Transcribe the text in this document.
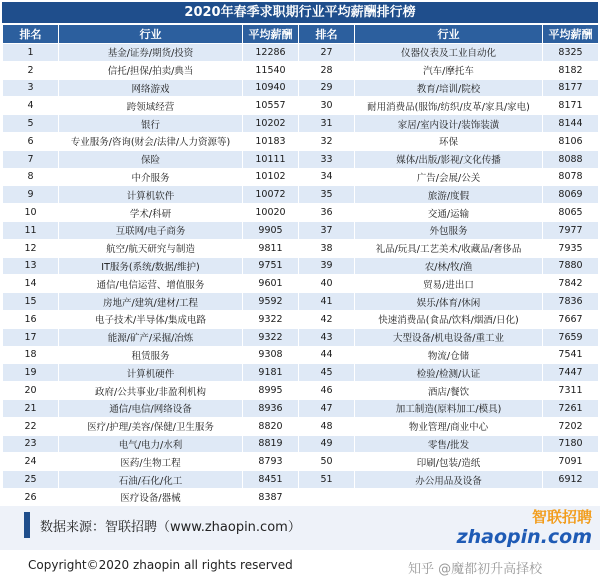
2020年春季求职期行业平均薪酬排行榜
排名	行业	平均薪酬	排名	行业	平均薪酬
1	基金/证券/期货/投资	12286	27	仪器仪表及工业自动化	8325
2	信托/担保/拍卖/典当	11540	28	汽车/摩托车	8182
3	网络游戏	10940	29	教育/培训/院校	8177
4	跨领域经营	10557	30	耐用消费品(服饰/纺织/皮革/家具/家电)	8171
5	银行	10202	31	家居/室内设计/装饰装潢	8144
6	专业服务/咨询(财会/法律/人力资源等)	10183	32	环保	8106
7	保险	10111	33	媒体/出版/影视/文化传播	8088
8	中介服务	10102	34	广告/会展/公关	8078
9	计算机软件	10072	35	旅游/度假	8069
10	学术/科研	10020	36	交通/运输	8065
11	互联网/电子商务	9905	37	外包服务	7977
12	航空/航天研究与制造	9811	38	礼品/玩具/工艺美术/收藏品/奢侈品	7935
13	IT服务(系统/数据/维护)	9751	39	农/林/牧/渔	7880
14	通信/电信运营、增值服务	9601	40	贸易/进出口	7842
15	房地产/建筑/建材/工程	9592	41	娱乐/体育/休闲	7836
16	电子技术/半导体/集成电路	9322	42	快速消费品(食品/饮料/烟酒/日化)	7667
17	能源/矿产/采掘/冶炼	9322	43	大型设备/机电设备/重工业	7659
18	租赁服务	9308	44	物流/仓储	7541
19	计算机硬件	9181	45	检验/检测/认证	7447
20	政府/公共事业/非盈利机构	8995	46	酒店/餐饮	7311
21	通信/电信/网络设备	8936	47	加工制造(原料加工/模具)	7261
22	医疗/护理/美容/保健/卫生服务	8820	48	物业管理/商业中心	7202
23	电气/电力/水利	8819	49	零售/批发	7180
24	医药/生物工程	8793	50	印刷/包装/造纸	7091
25	石油/石化/化工	8451	51	办公用品及设备	6912
26	医疗设备/器械	8387			
数据来源：智联招聘（www.zhaopin.com）
智联招聘
zhaopin.com
Copyright©2020 zhaopin all rights reserved	知乎 @魔都初升高择校
